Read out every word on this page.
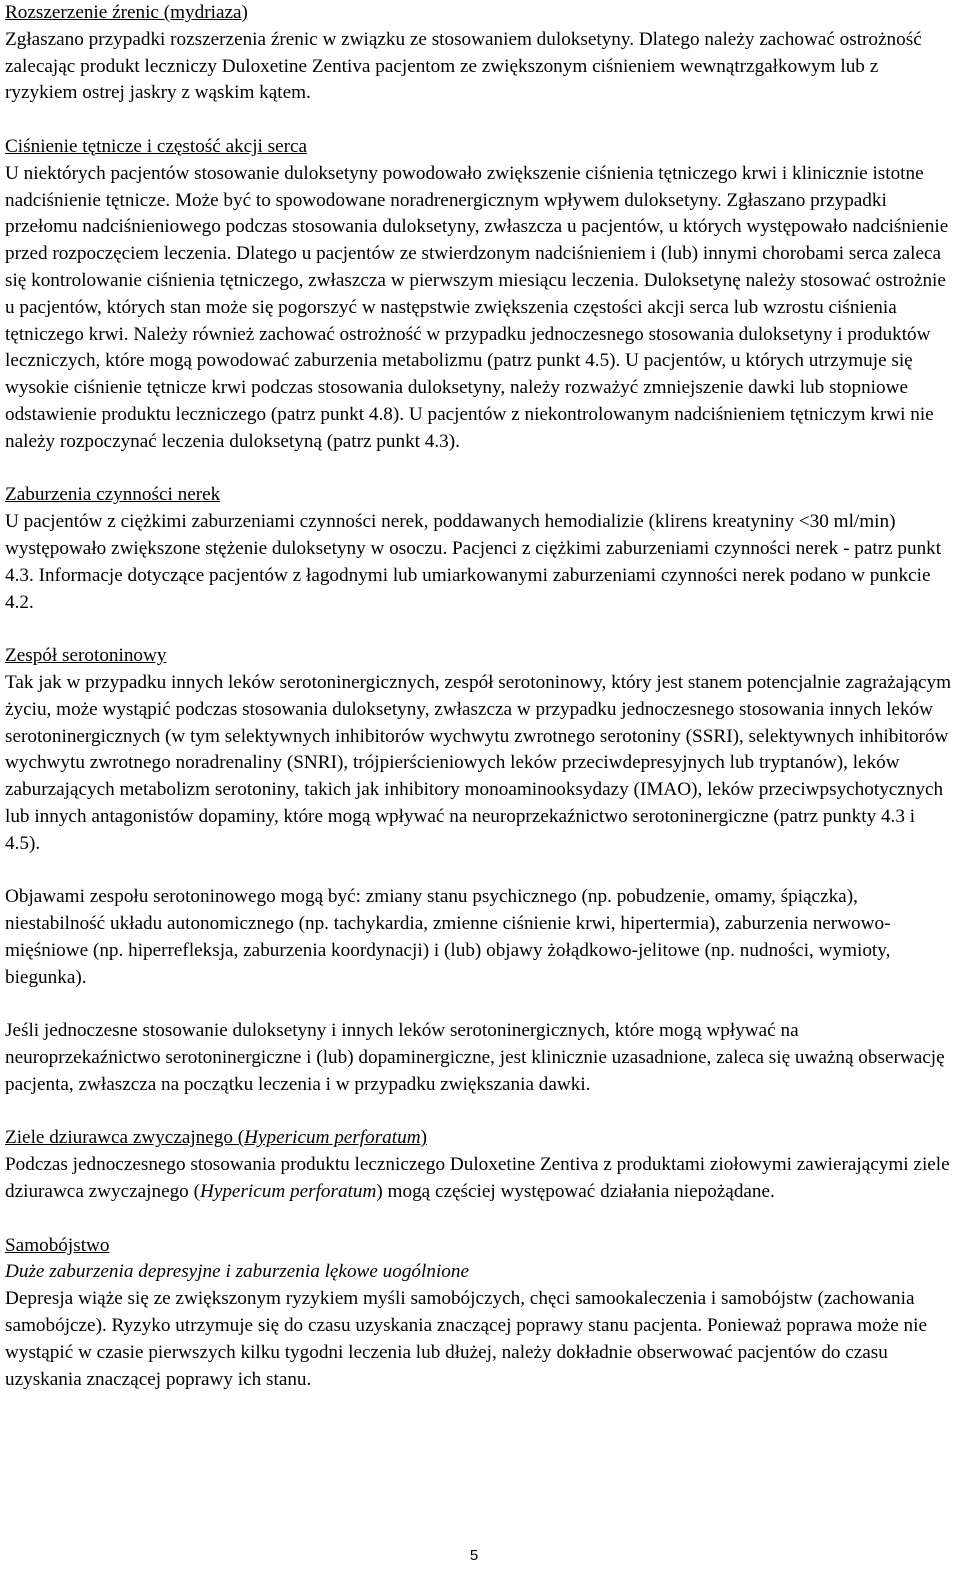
Rozszerzenie źrenic (mydriaza)

Zgłaszano przypadki rozszerzenia źrenic w związku ze stosowaniem duloksetyny. Dlatego należy zachować ostrożność zalecając produkt leczniczy Duloxetine Zentiva pacjentom ze zwiększonym ciśnieniem wewnątrzgałkowym lub z ryzykiem ostrej jaskry z wąskim kątem.

Ciśnienie tętnicze i częstość akcji serca

U niektórych pacjentów stosowanie duloksetyny powodowało zwiększenie ciśnienia tętniczego krwi i klinicznie istotne nadciśnienie tętnicze. Może być to spowodowane noradrenergicznym wpływem duloksetyny. Zgłaszano przypadki przełomu nadciśnieniowego podczas stosowania duloksetyny, zwłaszcza u pacjentów, u których występowało nadciśnienie przed rozpoczęciem leczenia. Dlatego u pacjentów ze stwierdzonym nadciśnieniem i (lub) innymi chorobami serca zaleca się kontrolowanie ciśnienia tętniczego, zwłaszcza w pierwszym miesiącu leczenia. Duloksetynę należy stosować ostrożnie u pacjentów, których stan może się pogorszyć w następstwie zwiększenia częstości akcji serca lub wzrostu ciśnienia tętniczego krwi. Należy również zachować ostrożność w przypadku jednoczesnego stosowania duloksetyny i produktów leczniczych, które mogą powodować zaburzenia metabolizmu (patrz punkt 4.5). U pacjentów, u których utrzymuje się wysokie ciśnienie tętnicze krwi podczas stosowania duloksetyny, należy rozważyć zmniejszenie dawki lub stopniowe odstawienie produktu leczniczego (patrz punkt 4.8). U pacjentów z niekontrolowanym nadciśnieniem tętniczym krwi nie należy rozpoczynać leczenia duloksetyną (patrz punkt 4.3).

Zaburzenia czynności nerek

U pacjentów z ciężkimi zaburzeniami czynności nerek, poddawanych hemodializie (klirens kreatyniny <30 ml/min) występowało zwiększone stężenie duloksetyny w osoczu. Pacjenci z ciężkimi zaburzeniami czynności nerek - patrz punkt 4.3. Informacje dotyczące pacjentów z łagodnymi lub umiarkowanymi zaburzeniami czynności nerek podano w punkcie 4.2.

Zespół serotoninowy

Tak jak w przypadku innych leków serotoninergicznych, zespół serotoninowy, który jest stanem potencjalnie zagrażającym życiu, może wystąpić podczas stosowania duloksetyny, zwłaszcza w przypadku jednoczesnego stosowania innych leków serotoninergicznych (w tym selektywnych inhibitorów wychwytu zwrotnego serotoniny (SSRI), selektywnych inhibitorów wychwytu zwrotnego noradrenaliny (SNRI), trójpierścieniowych leków przeciwdepresyjnych lub tryptanów), leków zaburzających metabolizm serotoniny, takich jak inhibitory monoaminooksydazy (IMAO), leków przeciwpsychotycznych lub innych antagonistów dopaminy, które mogą wpływać na neuroprzekaźnictwo serotoninergiczne (patrz punkty 4.3 i 4.5).

Objawami zespołu serotoninowego mogą być: zmiany stanu psychicznego (np. pobudzenie, omamy, śpiączka), niestabilność układu autonomicznego (np. tachykardia, zmienne ciśnienie krwi, hipertermia), zaburzenia nerwowo-mięśniowe (np. hiperrefleksja, zaburzenia koordynacji) i (lub) objawy żołądkowo-jelitowe (np. nudności, wymioty, biegunka).

Jeśli jednoczesne stosowanie duloksetyny i innych leków serotoninergicznych, które mogą wpływać na neuroprzekaźnictwo serotoninergiczne i (lub) dopaminergiczne, jest klinicznie uzasadnione, zaleca się uważną obserwację pacjenta, zwłaszcza na początku leczenia i w przypadku zwiększania dawki.

Ziele dziurawca zwyczajnego (Hypericum perforatum)

Podczas jednoczesnego stosowania produktu leczniczego Duloxetine Zentiva z produktami ziołowymi zawierającymi ziele dziurawca zwyczajnego (Hypericum perforatum) mogą częściej występować działania niepożądane.

Samobójstwo

Duże zaburzenia depresyjne i zaburzenia lękowe uogólnione

Depresja wiąże się ze zwiększonym ryzykiem myśli samobójczych, chęci samookaleczenia i samobójstw (zachowania samobójcze). Ryzyko utrzymuje się do czasu uzyskania znaczącej poprawy stanu pacjenta. Ponieważ poprawa może nie wystąpić w czasie pierwszych kilku tygodni leczenia lub dłużej, należy dokładnie obserwować pacjentów do czasu uzyskania znaczącej poprawy ich stanu.

5
